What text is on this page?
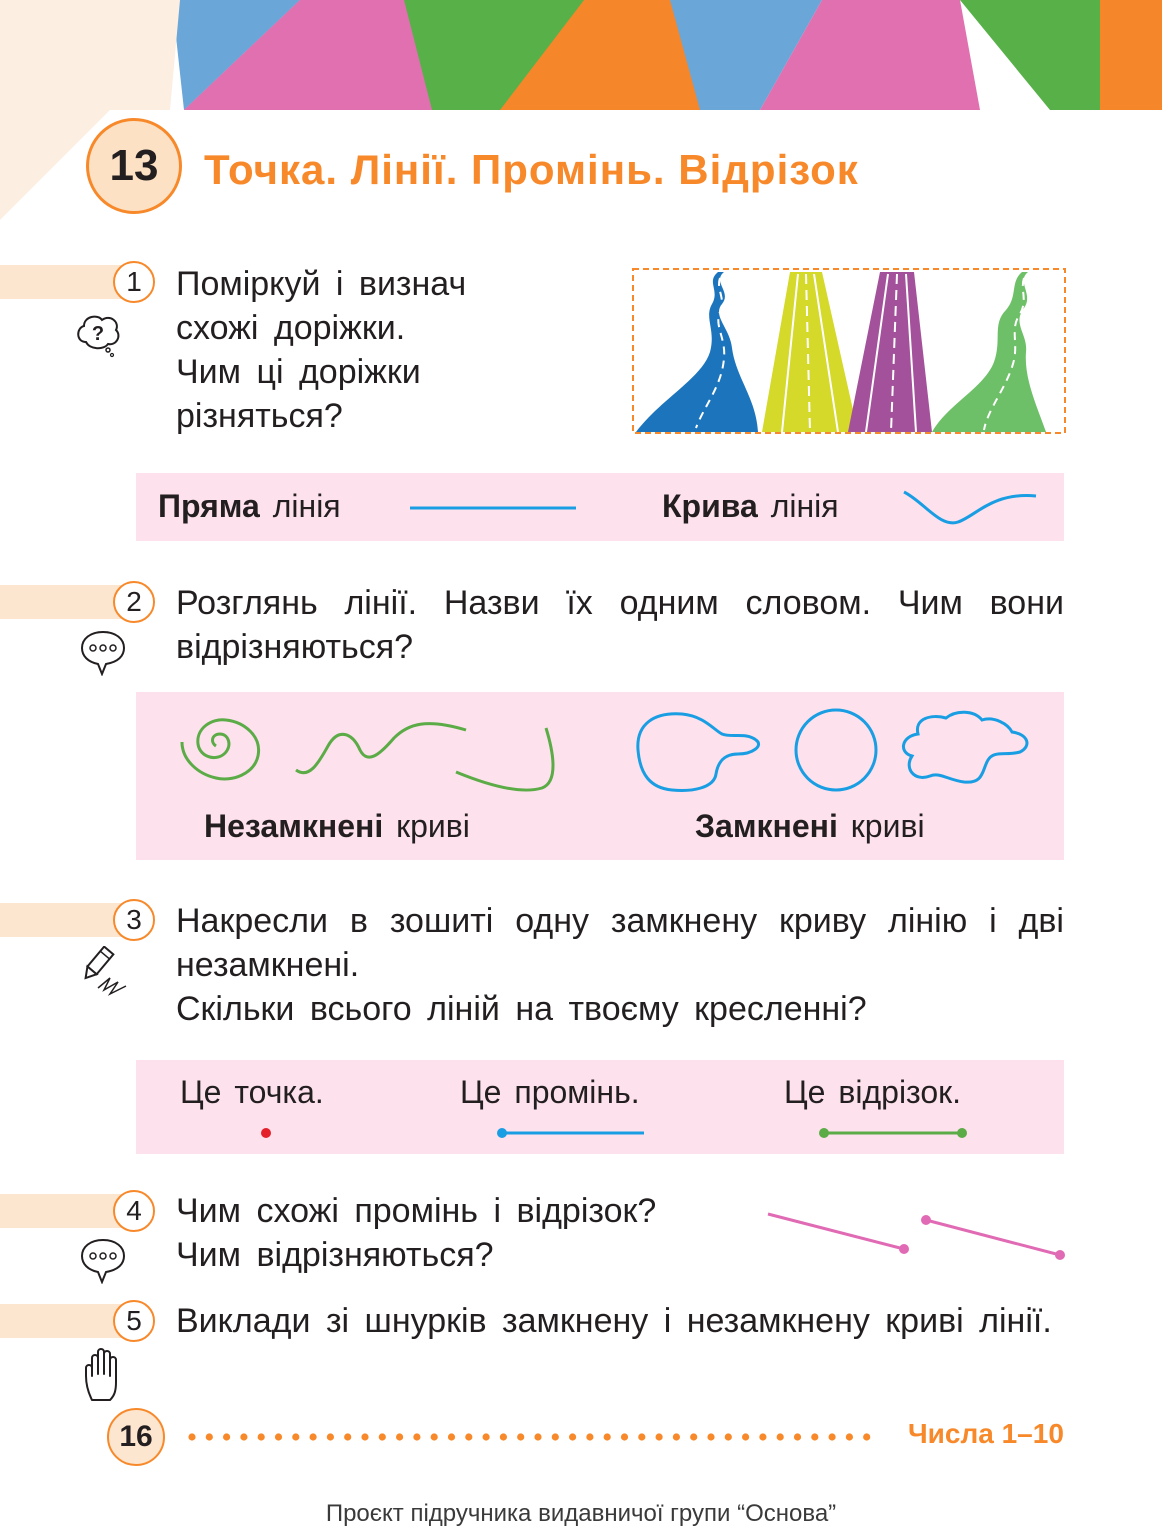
13 Точка. Лінії. Промінь. Відрізок
1
?
Поміркуй і визнач
схожі доріжки.
Чим ці доріжки
різняться?
Пряма лінія	Крива лінія
2 Розглянь лінії. Назви їх одним словом. Чим вони відрізняються?
Незамкнені криві	Замкнені криві
3 Накресли в зошиті одну замкнену криву лінію і дві незамкнені.
Скільки всього ліній на твоєму кресленні?
Це точка.	Це промінь.	Це відрізок.
4 Чим схожі промінь і відрізок?
Чим відрізняються?
5 Виклади зі шнурків замкнену і незамкнену криві лінії.
16	Числа 1–10
Проєкт підручника видавничої групи “Основа”
